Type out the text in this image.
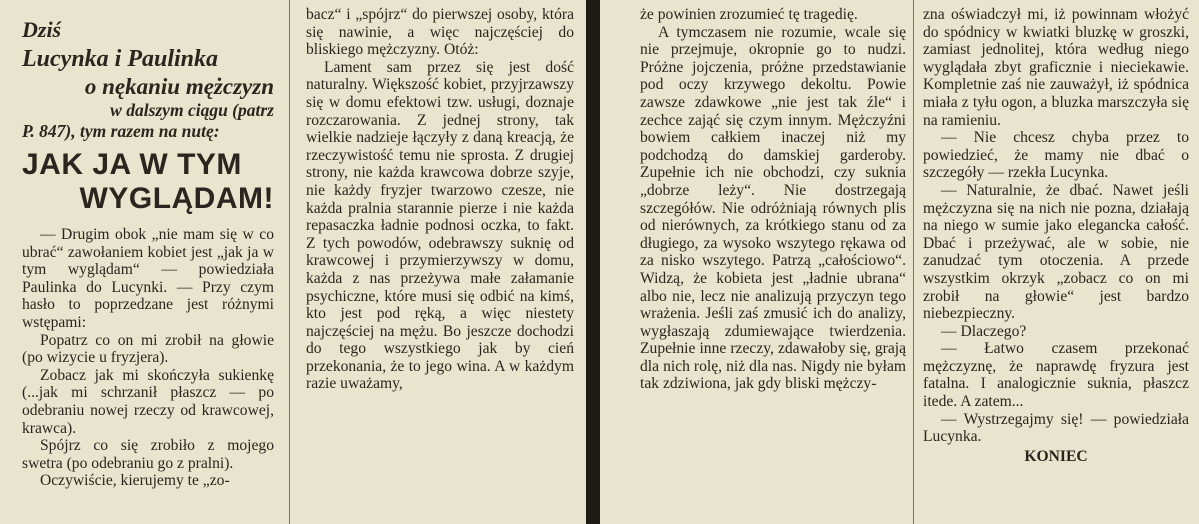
Dziś

Lucynka i Paulinka

o nękaniu mężczyzn

w dalszym ciągu (patrz

P. 847), tym razem na nutę:

JAK JA W TYM

WYGLĄDAM!

— Drugim obok „nie mam się w co ubrać“ zawołaniem kobiet jest „jak ja w tym wyglądam“ — powiedziała Paulinka do Lucynki. — Przy czym hasło to poprzedzane jest różnymi wstępami:

Popatrz co on mi zrobił na głowie (po wizycie u fryzjera).

Zobacz jak mi skończyła sukienkę (...jak mi schrzanił płaszcz — po odebraniu nowej rzeczy od krawcowej, krawca).

Spójrz co się zrobiło z mojego swetra (po odebraniu go z pralni).

Oczywiście, kierujemy te „zo-

bacz“ i „spójrz“ do pierwszej osoby, która się nawinie, a więc najczęściej do bliskiego mężczyzny. Otóż:

Lament sam przez się jest dość naturalny. Większość kobiet, przyjrzawszy się w domu efektowi tzw. usługi, doznaje rozczarowania. Z jednej strony, tak wielkie nadzieje łączyły z daną kreacją, że rzeczywistość temu nie sprosta. Z drugiej strony, nie każda krawcowa dobrze szyje, nie każdy fryzjer twarzowo czesze, nie każda pralnia starannie pierze i nie każda repasaczka ładnie podnosi oczka, to fakt. Z tych powodów, odebrawszy suknię od krawcowej i przymierzywszy w domu, każda z nas przeżywa małe załamanie psychiczne, które musi się odbić na kimś, kto jest pod ręką, a więc niestety najczęściej na mężu. Bo jeszcze dochodzi do tego wszystkiego jak by cień przekonania, że to jego wina. A w każdym razie uważamy,

że powinien zrozumieć tę tragedię.

A tymczasem nie rozumie, wcale się nie przejmuje, okropnie go to nudzi. Próżne jojczenia, próżne przedstawianie pod oczy krzywego dekoltu. Powie zawsze zdawkowe „nie jest tak źle“ i zechce zająć się czym innym. Mężczyźni bowiem całkiem inaczej niż my podchodzą do damskiej garderoby. Zupełnie ich nie obchodzi, czy suknia „dobrze leży“. Nie dostrzegają szczegółów. Nie odróżniają równych plis od nierównych, za krótkiego stanu od za długiego, za wysoko wszytego rękawa od za nisko wszytego. Patrzą „całościowo“. Widzą, że kobieta jest „ładnie ubrana“ albo nie, lecz nie analizują przyczyn tego wrażenia. Jeśli zaś zmusić ich do analizy, wygłaszają zdumiewające twierdzenia. Zupełnie inne rzeczy, zdawałoby się, grają dla nich rolę, niż dla nas. Nigdy nie byłam tak zdziwiona, jak gdy bliski mężczy-

zna oświadczył mi, iż powinnam włożyć do spódnicy w kwiatki bluzkę w groszki, zamiast jednolitej, która według niego wyglądała zbyt graficznie i nieciekawie. Kompletnie zaś nie zauważył, iż spódnica miała z tyłu ogon, a bluzka marszczyła się na ramieniu.

— Nie chcesz chyba przez to powiedzieć, że mamy nie dbać o szczegóły — rzekła Lucynka.

— Naturalnie, że dbać. Nawet jeśli mężczyzna się na nich nie pozna, działają na niego w sumie jako elegancka całość. Dbać i przeżywać, ale w sobie, nie zanudzać tym otoczenia. A przede wszystkim okrzyk „zobacz co on mi zrobił na głowie“ jest bardzo niebezpieczny.

— Dlaczego?

— Łatwo czasem przekonać mężczyznę, że naprawdę fryzura jest fatalna. I analogicznie suknia, płaszcz itede. A zatem...

— Wystrzegajmy się! — powiedziała Lucynka.

KONIEC
